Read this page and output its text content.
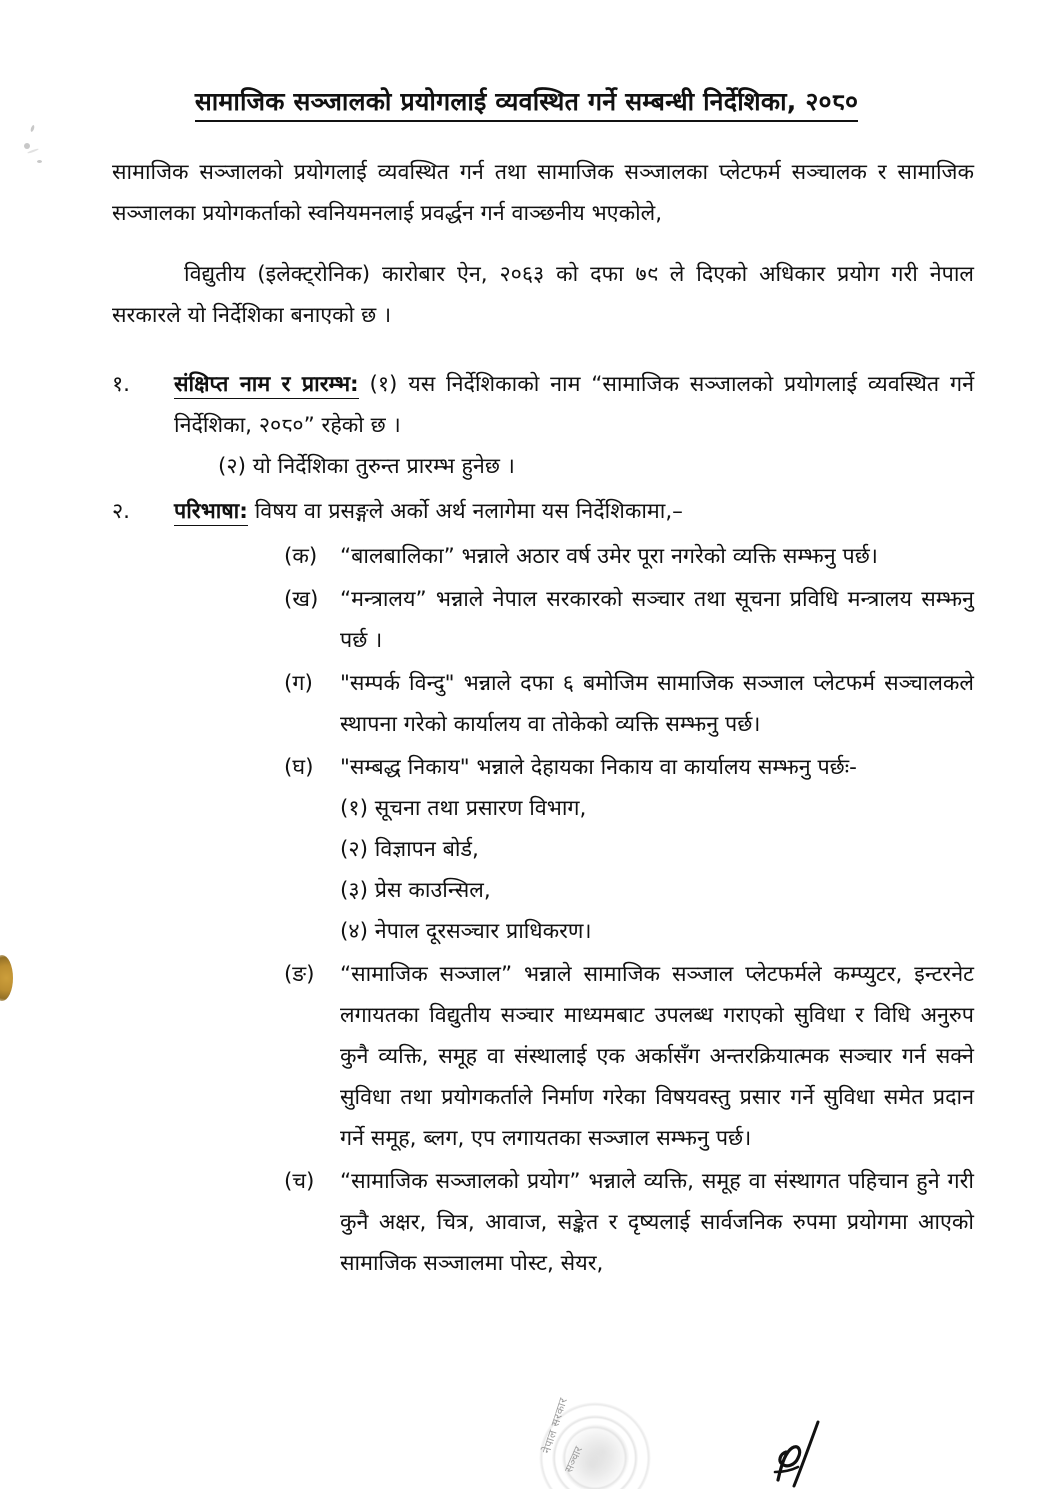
सामाजिक सञ्जालको प्रयोगलाई व्यवस्थित गर्ने सम्बन्धी निर्देशिका, २०८०

सामाजिक सञ्जालको प्रयोगलाई व्यवस्थित गर्न तथा सामाजिक सञ्जालका प्लेटफर्म सञ्चालक र सामाजिक सञ्जालका प्रयोगकर्ताको स्वनियमनलाई प्रवर्द्धन गर्न वाञ्छनीय भएकोले,

विद्युतीय (इलेक्ट्रोनिक) कारोबार ऐन, २०६३ को दफा ७९ ले दिएको अधिकार प्रयोग गरी नेपाल सरकारले यो निर्देशिका बनाएको छ ।

१.	संक्षिप्त नाम र प्रारम्भ: (१) यस निर्देशिकाको नाम “सामाजिक सञ्जालको प्रयोगलाई व्यवस्थित गर्ने निर्देशिका, २०८०” रहेको छ ।

(२) यो निर्देशिका तुरुन्त प्रारम्भ हुनेछ ।

२.	परिभाषा: विषय वा प्रसङ्गले अर्को अर्थ नलागेमा यस निर्देशिकामा,–
(क)	“बालबालिका” भन्नाले अठार वर्ष उमेर पूरा नगरेको व्यक्ति सम्झनु पर्छ।
(ख)	“मन्त्रालय” भन्नाले नेपाल सरकारको सञ्चार तथा सूचना प्रविधि मन्त्रालय सम्झनु पर्छ ।
(ग)	"सम्पर्क विन्दु" भन्नाले दफा ६ बमोजिम सामाजिक सञ्जाल प्लेटफर्म सञ्चालकले स्थापना गरेको कार्यालय वा तोकेको व्यक्ति सम्झनु पर्छ।
(घ)	"सम्बद्ध निकाय" भन्नाले देहायका निकाय वा कार्यालय सम्झनु पर्छः-
(१) सूचना तथा प्रसारण विभाग,
(२) विज्ञापन बोर्ड,
(३) प्रेस काउन्सिल,
(४) नेपाल दूरसञ्चार प्राधिकरण।
(ङ)	“सामाजिक सञ्जाल” भन्नाले सामाजिक सञ्जाल प्लेटफर्मले कम्प्युटर, इन्टरनेट लगायतका विद्युतीय सञ्चार माध्यमबाट उपलब्ध गराएको सुविधा र विधि अनुरुप कुनै व्यक्ति, समूह वा संस्थालाई एक अर्कासँग अन्तरक्रियात्मक सञ्चार गर्न सक्ने सुविधा तथा प्रयोगकर्ताले निर्माण गरेका विषयवस्तु प्रसार गर्ने सुविधा समेत प्रदान गर्ने समूह, ब्लग, एप लगायतका सञ्जाल सम्झनु पर्छ।
(च)	“सामाजिक सञ्जालको प्रयोग” भन्नाले व्यक्ति, समूह वा संस्थागत पहिचान हुने गरी कुनै अक्षर, चित्र, आवाज, सङ्केत र दृष्यलाई सार्वजनिक रुपमा प्रयोगमा आएको सामाजिक सञ्जालमा पोस्ट, सेयर,
नेपाल सरकार
सञ्चार
